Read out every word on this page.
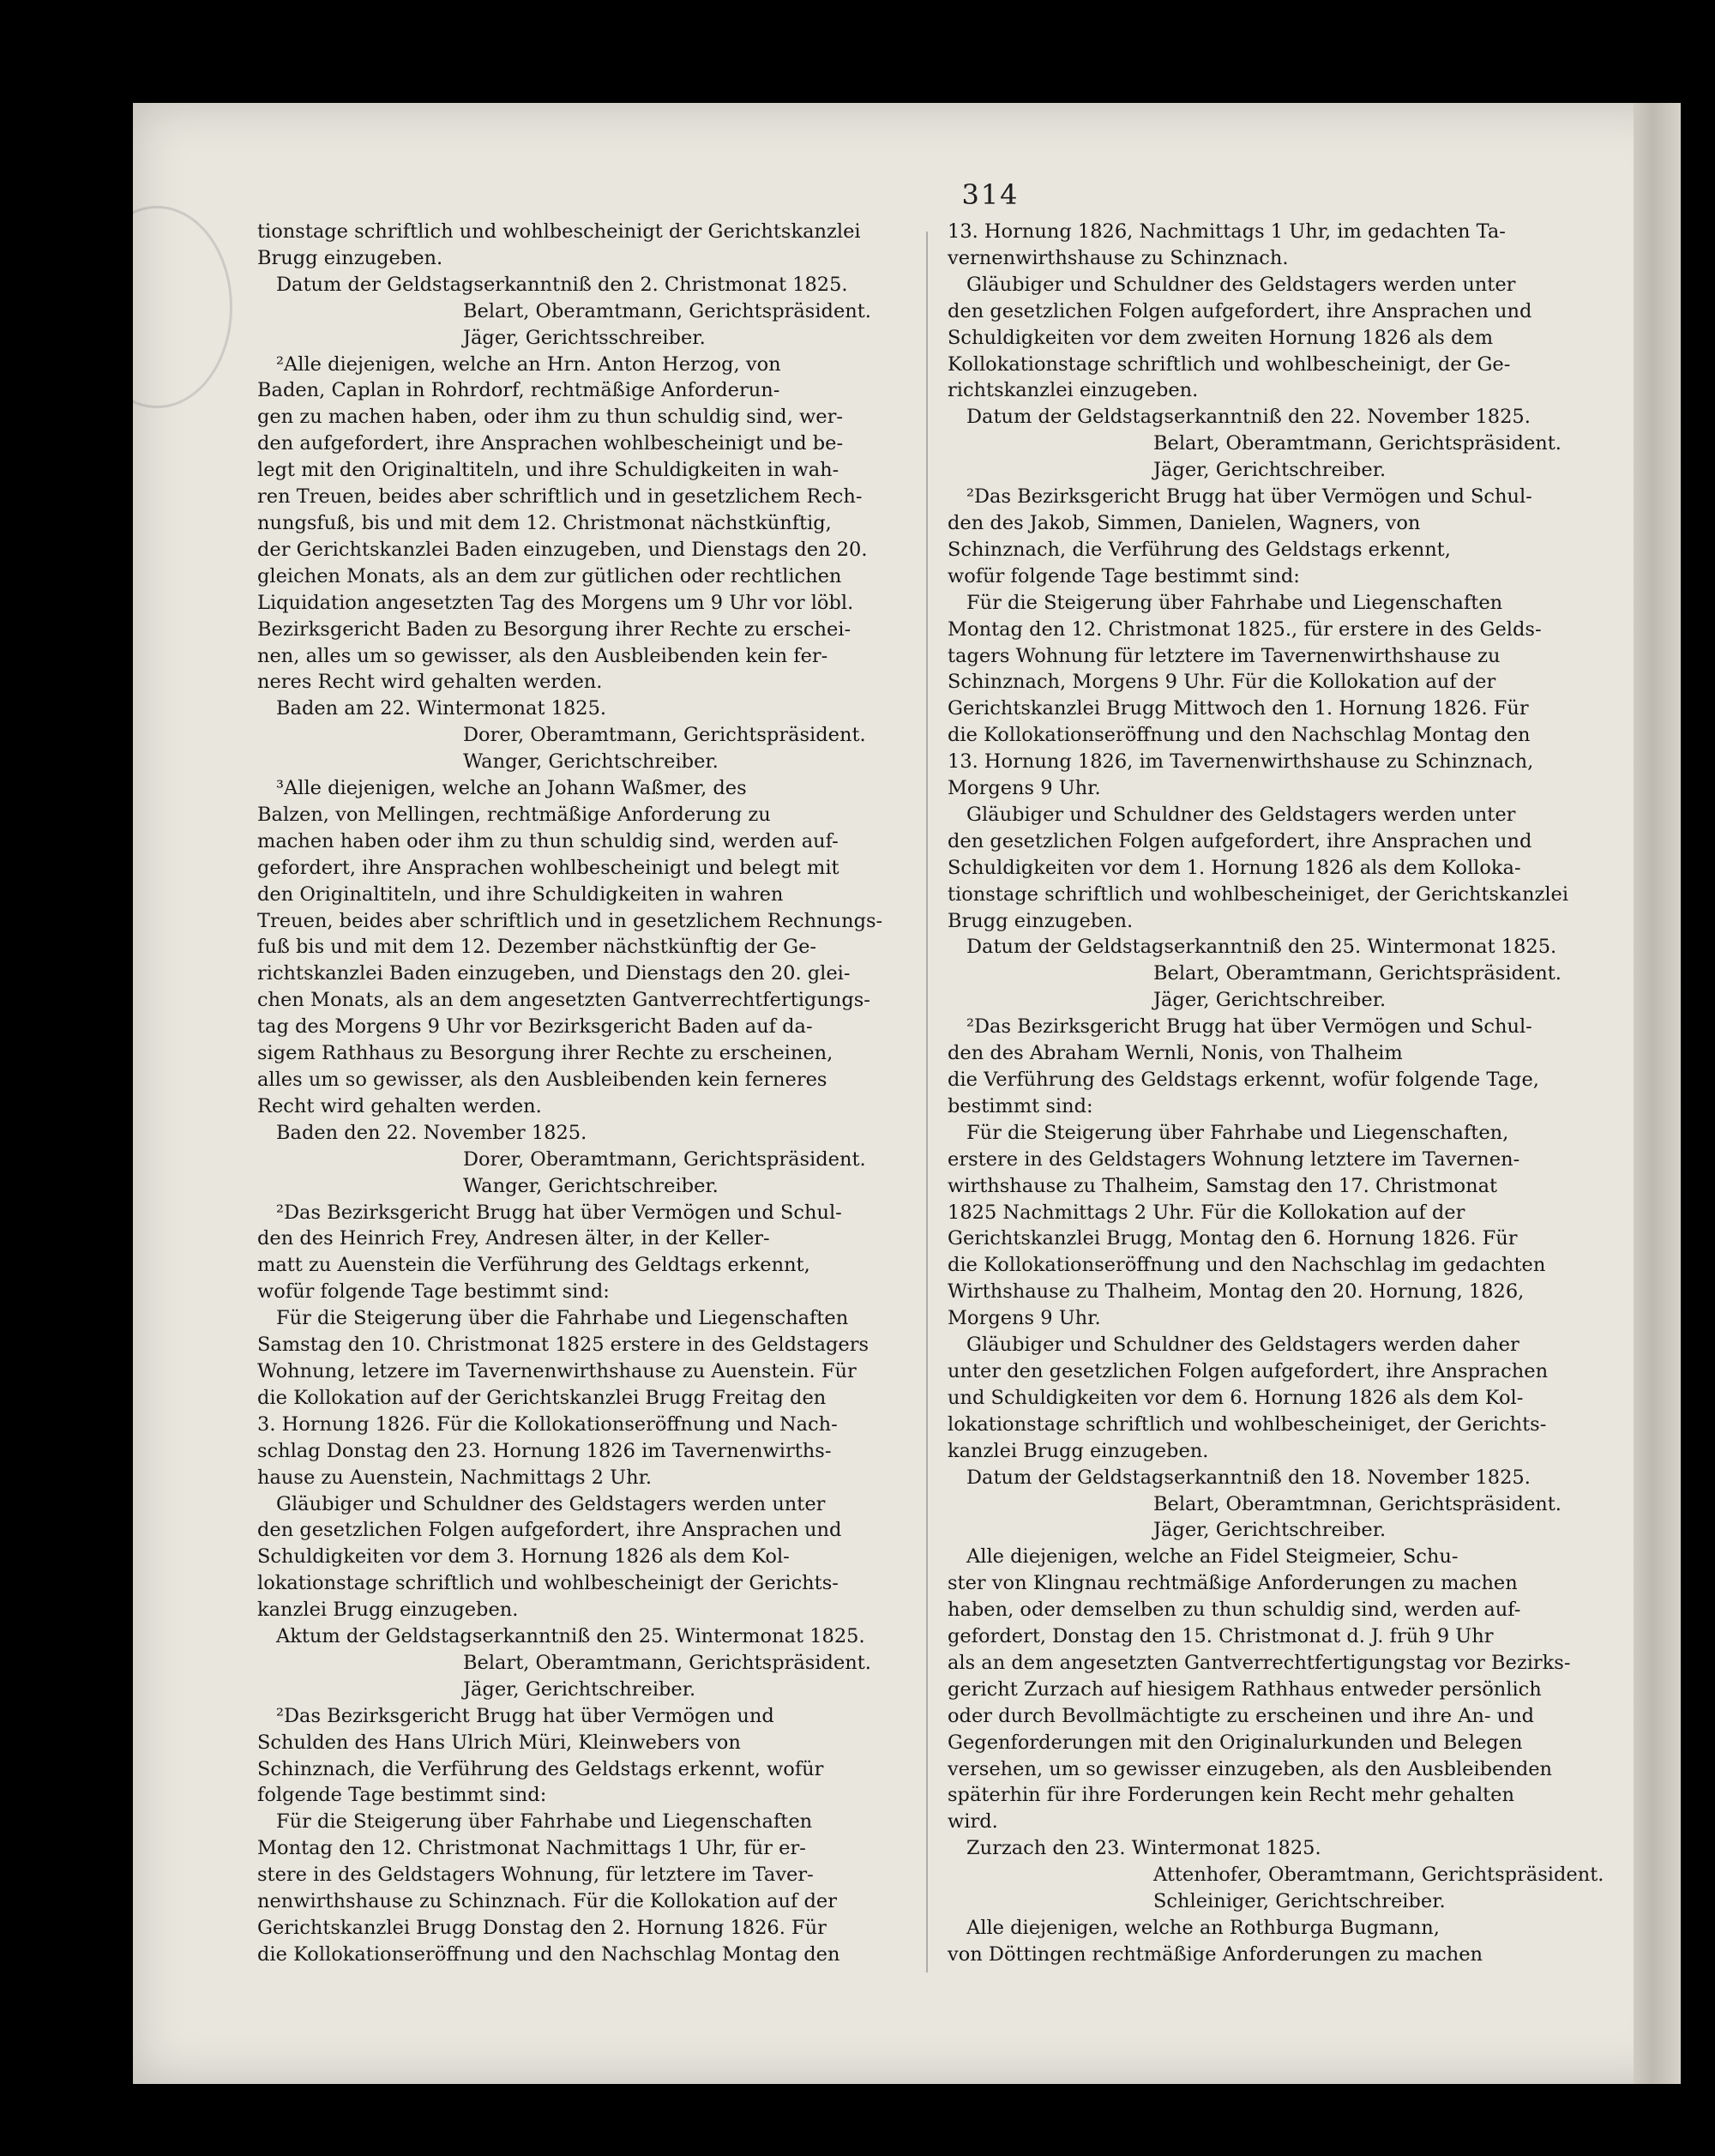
314
tionstage schriftlich und wohlbescheinigt der Gerichtskanzlei
Brugg einzugeben.
Datum der Geldstagserkanntniß den 2. Christmonat 1825.
Belart, Oberamtmann, Gerichtspräsident.
Jäger, Gerichtsschreiber.
²Alle diejenigen, welche an Hrn. Anton Herzog, von
Baden, Caplan in Rohrdorf, rechtmäßige Anforderun-
gen zu machen haben, oder ihm zu thun schuldig sind, wer-
den aufgefordert, ihre Ansprachen wohlbescheinigt und be-
legt mit den Originaltiteln, und ihre Schuldigkeiten in wah-
ren Treuen, beides aber schriftlich und in gesetzlichem Rech-
nungsfuß, bis und mit dem 12. Christmonat nächstkünftig,
der Gerichtskanzlei Baden einzugeben, und Dienstags den 20.
gleichen Monats, als an dem zur gütlichen oder rechtlichen
Liquidation angesetzten Tag des Morgens um 9 Uhr vor löbl.
Bezirksgericht Baden zu Besorgung ihrer Rechte zu erschei-
nen, alles um so gewisser, als den Ausbleibenden kein fer-
neres Recht wird gehalten werden.
Baden am 22. Wintermonat 1825.
Dorer, Oberamtmann, Gerichtspräsident.
Wanger, Gerichtschreiber.
³Alle diejenigen, welche an Johann Waßmer, des
Balzen, von Mellingen, rechtmäßige Anforderung zu
machen haben oder ihm zu thun schuldig sind, werden auf-
gefordert, ihre Ansprachen wohlbescheinigt und belegt mit
den Originaltiteln, und ihre Schuldigkeiten in wahren
Treuen, beides aber schriftlich und in gesetzlichem Rechnungs-
fuß bis und mit dem 12. Dezember nächstkünftig der Ge-
richtskanzlei Baden einzugeben, und Dienstags den 20. glei-
chen Monats, als an dem angesetzten Gantverrechtfertigungs-
tag des Morgens 9 Uhr vor Bezirksgericht Baden auf da-
sigem Rathhaus zu Besorgung ihrer Rechte zu erscheinen,
alles um so gewisser, als den Ausbleibenden kein ferneres
Recht wird gehalten werden.
Baden den 22. November 1825.
Dorer, Oberamtmann, Gerichtspräsident.
Wanger, Gerichtschreiber.
²Das Bezirksgericht Brugg hat über Vermögen und Schul-
den des Heinrich Frey, Andresen älter, in der Keller-
matt zu Auenstein die Verführung des Geldtags erkennt,
wofür folgende Tage bestimmt sind:
Für die Steigerung über die Fahrhabe und Liegenschaften
Samstag den 10. Christmonat 1825 erstere in des Geldstagers
Wohnung, letzere im Tavernenwirthshause zu Auenstein. Für
die Kollokation auf der Gerichtskanzlei Brugg Freitag den
3. Hornung 1826. Für die Kollokationseröffnung und Nach-
schlag Donstag den 23. Hornung 1826 im Tavernenwirths-
hause zu Auenstein, Nachmittags 2 Uhr.
Gläubiger und Schuldner des Geldstagers werden unter
den gesetzlichen Folgen aufgefordert, ihre Ansprachen und
Schuldigkeiten vor dem 3. Hornung 1826 als dem Kol-
lokationstage schriftlich und wohlbescheinigt der Gerichts-
kanzlei Brugg einzugeben.
Aktum der Geldstagserkanntniß den 25. Wintermonat 1825.
Belart, Oberamtmann, Gerichtspräsident.
Jäger, Gerichtschreiber.
²Das Bezirksgericht Brugg hat über Vermögen und
Schulden des Hans Ulrich Müri, Kleinwebers von
Schinznach, die Verführung des Geldstags erkennt, wofür
folgende Tage bestimmt sind:
Für die Steigerung über Fahrhabe und Liegenschaften
Montag den 12. Christmonat Nachmittags 1 Uhr, für er-
stere in des Geldstagers Wohnung, für letztere im Taver-
nenwirthshause zu Schinznach. Für die Kollokation auf der
Gerichtskanzlei Brugg Donstag den 2. Hornung 1826. Für
die Kollokationseröffnung und den Nachschlag Montag den
13. Hornung 1826, Nachmittags 1 Uhr, im gedachten Ta-
vernenwirthshause zu Schinznach.
Gläubiger und Schuldner des Geldstagers werden unter
den gesetzlichen Folgen aufgefordert, ihre Ansprachen und
Schuldigkeiten vor dem zweiten Hornung 1826 als dem
Kollokationstage schriftlich und wohlbescheinigt, der Ge-
richtskanzlei einzugeben.
Datum der Geldstagserkanntniß den 22. November 1825.
Belart, Oberamtmann, Gerichtspräsident.
Jäger, Gerichtschreiber.
²Das Bezirksgericht Brugg hat über Vermögen und Schul-
den des Jakob, Simmen, Danielen, Wagners, von
Schinznach, die Verführung des Geldstags erkennt,
wofür folgende Tage bestimmt sind:
Für die Steigerung über Fahrhabe und Liegenschaften
Montag den 12. Christmonat 1825., für erstere in des Gelds-
tagers Wohnung für letztere im Tavernenwirthshause zu
Schinznach, Morgens 9 Uhr. Für die Kollokation auf der
Gerichtskanzlei Brugg Mittwoch den 1. Hornung 1826. Für
die Kollokationseröffnung und den Nachschlag Montag den
13. Hornung 1826, im Tavernenwirthshause zu Schinznach,
Morgens 9 Uhr.
Gläubiger und Schuldner des Geldstagers werden unter
den gesetzlichen Folgen aufgefordert, ihre Ansprachen und
Schuldigkeiten vor dem 1. Hornung 1826 als dem Kolloka-
tionstage schriftlich und wohlbescheiniget, der Gerichtskanzlei
Brugg einzugeben.
Datum der Geldstagserkanntniß den 25. Wintermonat 1825.
Belart, Oberamtmann, Gerichtspräsident.
Jäger, Gerichtschreiber.
²Das Bezirksgericht Brugg hat über Vermögen und Schul-
den des Abraham Wernli, Nonis, von Thalheim
die Verführung des Geldstags erkennt, wofür folgende Tage,
bestimmt sind:
Für die Steigerung über Fahrhabe und Liegenschaften,
erstere in des Geldstagers Wohnung letztere im Tavernen-
wirthshause zu Thalheim, Samstag den 17. Christmonat
1825 Nachmittags 2 Uhr. Für die Kollokation auf der
Gerichtskanzlei Brugg, Montag den 6. Hornung 1826. Für
die Kollokationseröffnung und den Nachschlag im gedachten
Wirthshause zu Thalheim, Montag den 20. Hornung, 1826,
Morgens 9 Uhr.
Gläubiger und Schuldner des Geldstagers werden daher
unter den gesetzlichen Folgen aufgefordert, ihre Ansprachen
und Schuldigkeiten vor dem 6. Hornung 1826 als dem Kol-
lokationstage schriftlich und wohlbescheiniget, der Gerichts-
kanzlei Brugg einzugeben.
Datum der Geldstagserkanntniß den 18. November 1825.
Belart, Oberamtmnan, Gerichtspräsident.
Jäger, Gerichtschreiber.
Alle diejenigen, welche an Fidel Steigmeier, Schu-
ster von Klingnau rechtmäßige Anforderungen zu machen
haben, oder demselben zu thun schuldig sind, werden auf-
gefordert, Donstag den 15. Christmonat d. J. früh 9 Uhr
als an dem angesetzten Gantverrechtfertigungstag vor Bezirks-
gericht Zurzach auf hiesigem Rathhaus entweder persönlich
oder durch Bevollmächtigte zu erscheinen und ihre An- und
Gegenforderungen mit den Originalurkunden und Belegen
versehen, um so gewisser einzugeben, als den Ausbleibenden
späterhin für ihre Forderungen kein Recht mehr gehalten
wird.
Zurzach den 23. Wintermonat 1825.
Attenhofer, Oberamtmann, Gerichtspräsident.
Schleiniger, Gerichtschreiber.
Alle diejenigen, welche an Rothburga Bugmann,
von Döttingen rechtmäßige Anforderungen zu machen
